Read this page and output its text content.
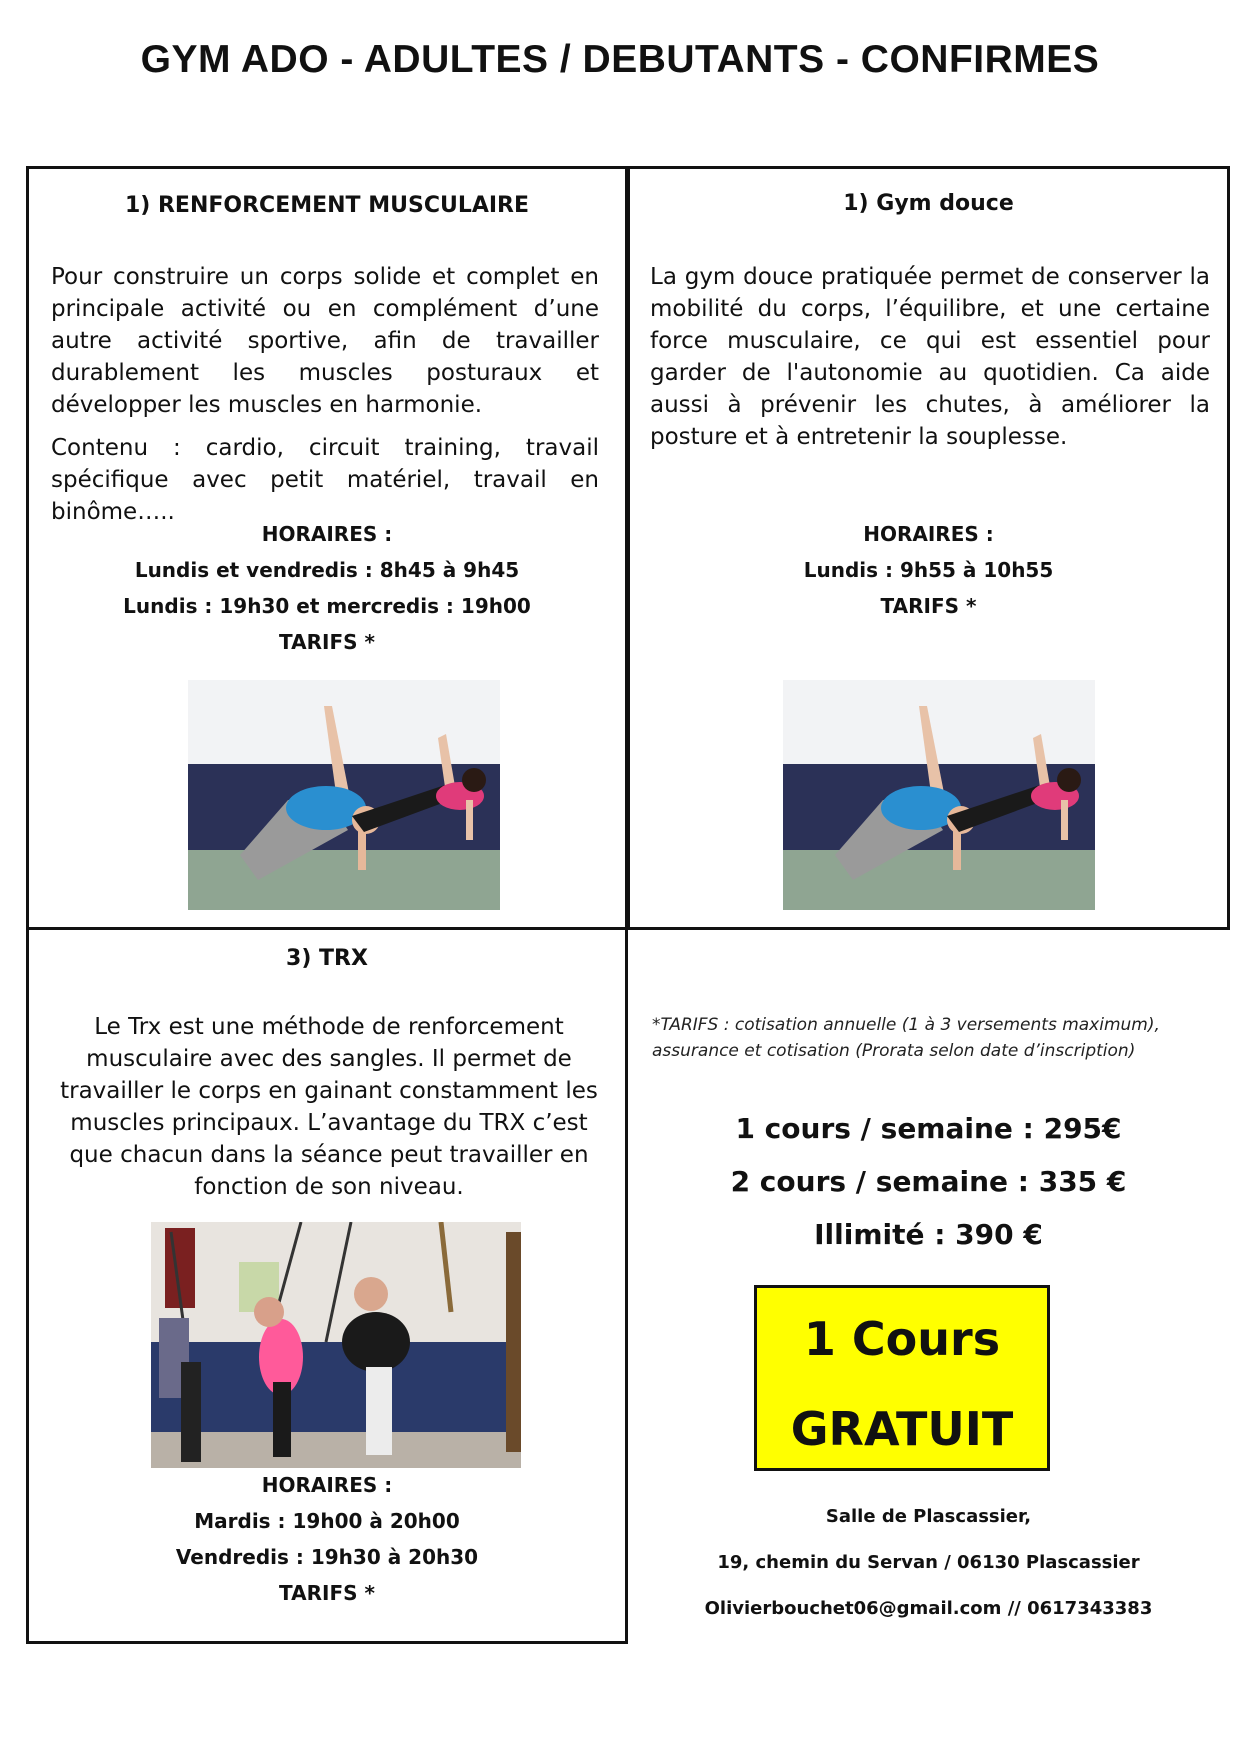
GYM ADO - ADULTES / DEBUTANTS - CONFIRMES
1) RENFORCEMENT MUSCULAIRE
Pour construire un corps solide et complet en principale activité ou en complément d’une autre activité sportive, afin de travailler durablement les muscles posturaux et développer les muscles en harmonie.
Contenu : cardio, circuit training, travail spécifique avec petit matériel, travail en binôme…..
HORAIRES :
Lundis et vendredis : 8h45 à 9h45
Lundis : 19h30 et mercredis : 19h00
TARIFS *
1) Gym douce
La gym douce pratiquée permet de conserver la mobilité du corps, l’équilibre, et une certaine force musculaire, ce qui est essentiel pour garder de l'autonomie au quotidien. Ca aide aussi à prévenir les chutes, à améliorer la posture et à entretenir la souplesse.
HORAIRES :
Lundis : 9h55 à 10h55
TARIFS *
3) TRX
Le Trx est une méthode de renforcement musculaire avec des sangles. Il permet de travailler le corps en gainant constamment les muscles principaux. L’avantage du TRX c’est que chacun dans la séance peut travailler en fonction de son niveau.
HORAIRES :
Mardis : 19h00 à 20h00
Vendredis : 19h30 à 20h30
TARIFS *
*TARIFS : cotisation annuelle (1 à 3 versements maximum), assurance et cotisation (Prorata selon date d’inscription)
1 cours / semaine : 295€
2 cours / semaine : 335 €
Illimité : 390 €
1 Cours
GRATUIT
Salle de Plascassier,
19, chemin du Servan / 06130 Plascassier
Olivierbouchet06@gmail.com // 0617343383
